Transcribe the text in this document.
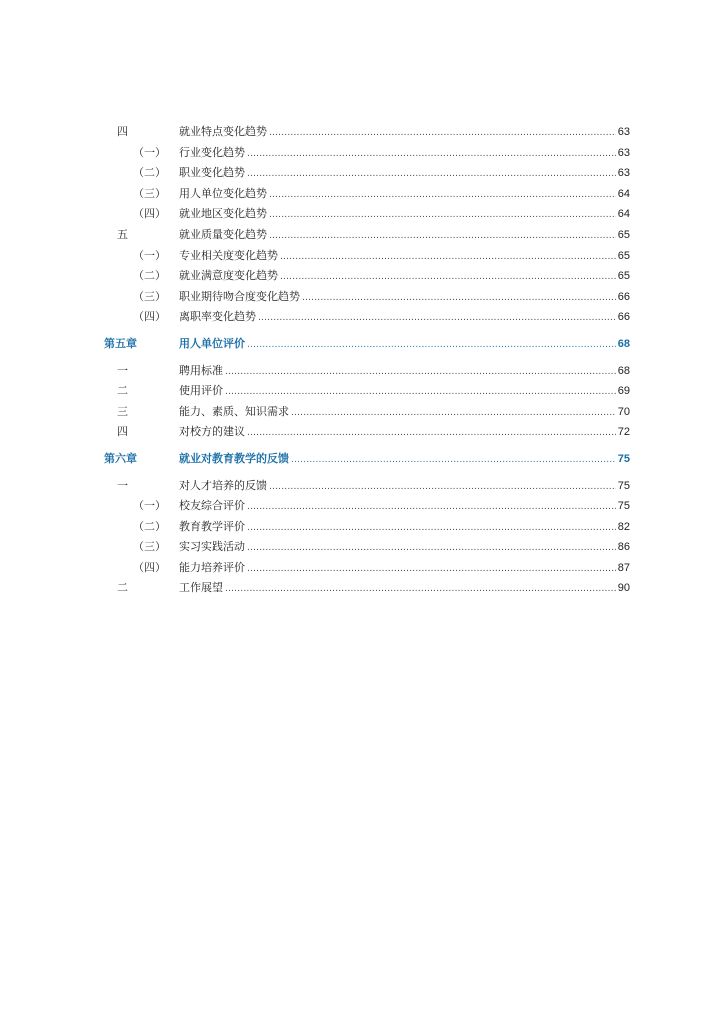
四	就业特点变化趋势 .....	63
（一） 行业变化趋势 .....	63
（二） 职业变化趋势 .....	63
（三） 用人单位变化趋势 .....	64
（四） 就业地区变化趋势 .....	64
五	就业质量变化趋势 .....	65
（一） 专业相关度变化趋势 .....	65
（二） 就业满意度变化趋势 .....	65
（三） 职业期待吻合度变化趋势 .....	66
（四） 离职率变化趋势 .....	66
第五章	用人单位评价 .....	68
一	聘用标准 .....	68
二	使用评价 .....	69
三	能力、素质、知识需求 .....	70
四	对校方的建议 .....	72
第六章	就业对教育教学的反馈 .....	75
一	对人才培养的反馈 .....	75
（一） 校友综合评价 .....	75
（二） 教育教学评价 .....	82
（三） 实习实践活动 .....	86
（四） 能力培养评价 .....	87
二	工作展望 .....	90
